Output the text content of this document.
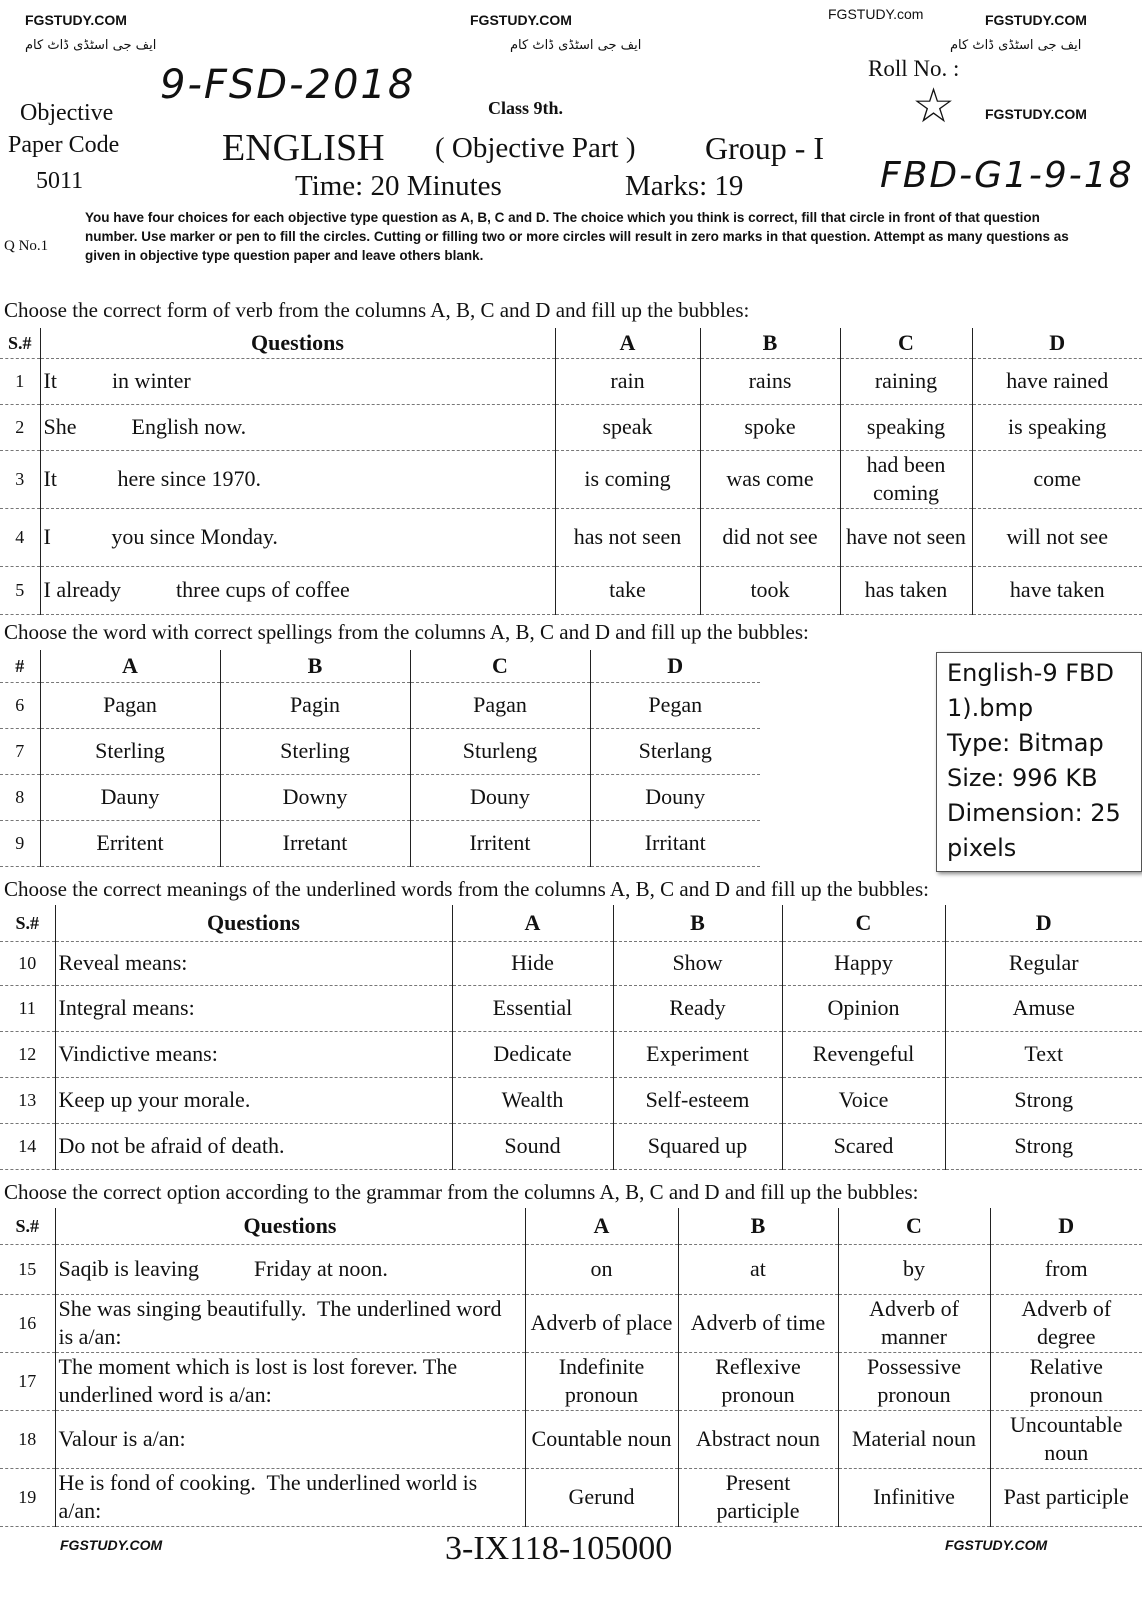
FGSTUDY.COM	FGSTUDY.COM	FGSTUDY.COM
FGSTUDY.com
ایف جی اسٹڈی ڈاٹ کام	ایف جی اسٹڈی ڈاٹ کام	ایف جی اسٹڈی ڈاٹ کام
9-FSD-2018
Objective
Paper Code
5011
Class 9th.
ENGLISH ( Objective Part ) Group - I
Time: 20 Minutes	Marks: 19
Roll No. :
☆ FGSTUDY.COM
FBD-G1-9-18
Q No.1
You have four choices for each objective type question as A, B, C and D. The choice which you think is correct, fill that circle in front of that question number. Use marker or pen to fill the circles. Cutting or filling two or more circles will result in zero marks in that question. Attempt as many questions as given in objective type question paper and leave others blank.
Choose the correct form of verb from the columns A, B, C and D and fill up the bubbles:
S.#	Questions	A	B	C	D
1	It          in winter	rain	rains	raining	have rained
2	She          English now.	speak	spoke	speaking	is speaking
3	It           here since 1970.	is coming	was come	had been coming	come
4	I           you since Monday.	has not seen	did not see	have not seen	will not see
5	I already          three cups of coffee	take	took	has taken	have taken
Choose the word with correct spellings from the columns A, B, C and D and fill up the bubbles:
#	A	B	C	D
6	Pagan	Pagin	Pagan	Pegan
7	Sterling	Sterling	Sturleng	Sterlang
8	Dauny	Downy	Douny	Douny
9	Erritent	Irretant	Irritent	Irritant
Choose the correct meanings of the underlined words from the columns A, B, C and D and fill up the bubbles:
S.#	Questions	A	B	C	D
10	Reveal means:	Hide	Show	Happy	Regular
11	Integral means:	Essential	Ready	Opinion	Amuse
12	Vindictive means:	Dedicate	Experiment	Revengeful	Text
13	Keep up your morale.	Wealth	Self-esteem	Voice	Strong
14	Do not be afraid of death.	Sound	Squared up	Scared	Strong
Choose the correct option according to the grammar from the columns A, B, C and D and fill up the bubbles:
S.#	Questions	A	B	C	D
15	Saqib is leaving          Friday at noon.	on	at	by	from
16	She was singing beautifully.  The underlined word is a/an:	Adverb of place	Adverb of time	Adverb of manner	Adverb of degree
17	The moment which is lost is lost forever. The underlined word is a/an:	Indefinite pronoun	Reflexive pronoun	Possessive pronoun	Relative pronoun
18	Valour is a/an:	Countable noun	Abstract noun	Material noun	Uncountable noun
19	He is fond of cooking.  The underlined world is a/an:	Gerund	Present participle	Infinitive	Past participle
English-9 FBD
1).bmp
Type: Bitmap
Size: 996 KB
Dimension: 25
pixels
FGSTUDY.COM	3-IX118-105000	FGSTUDY.COM
